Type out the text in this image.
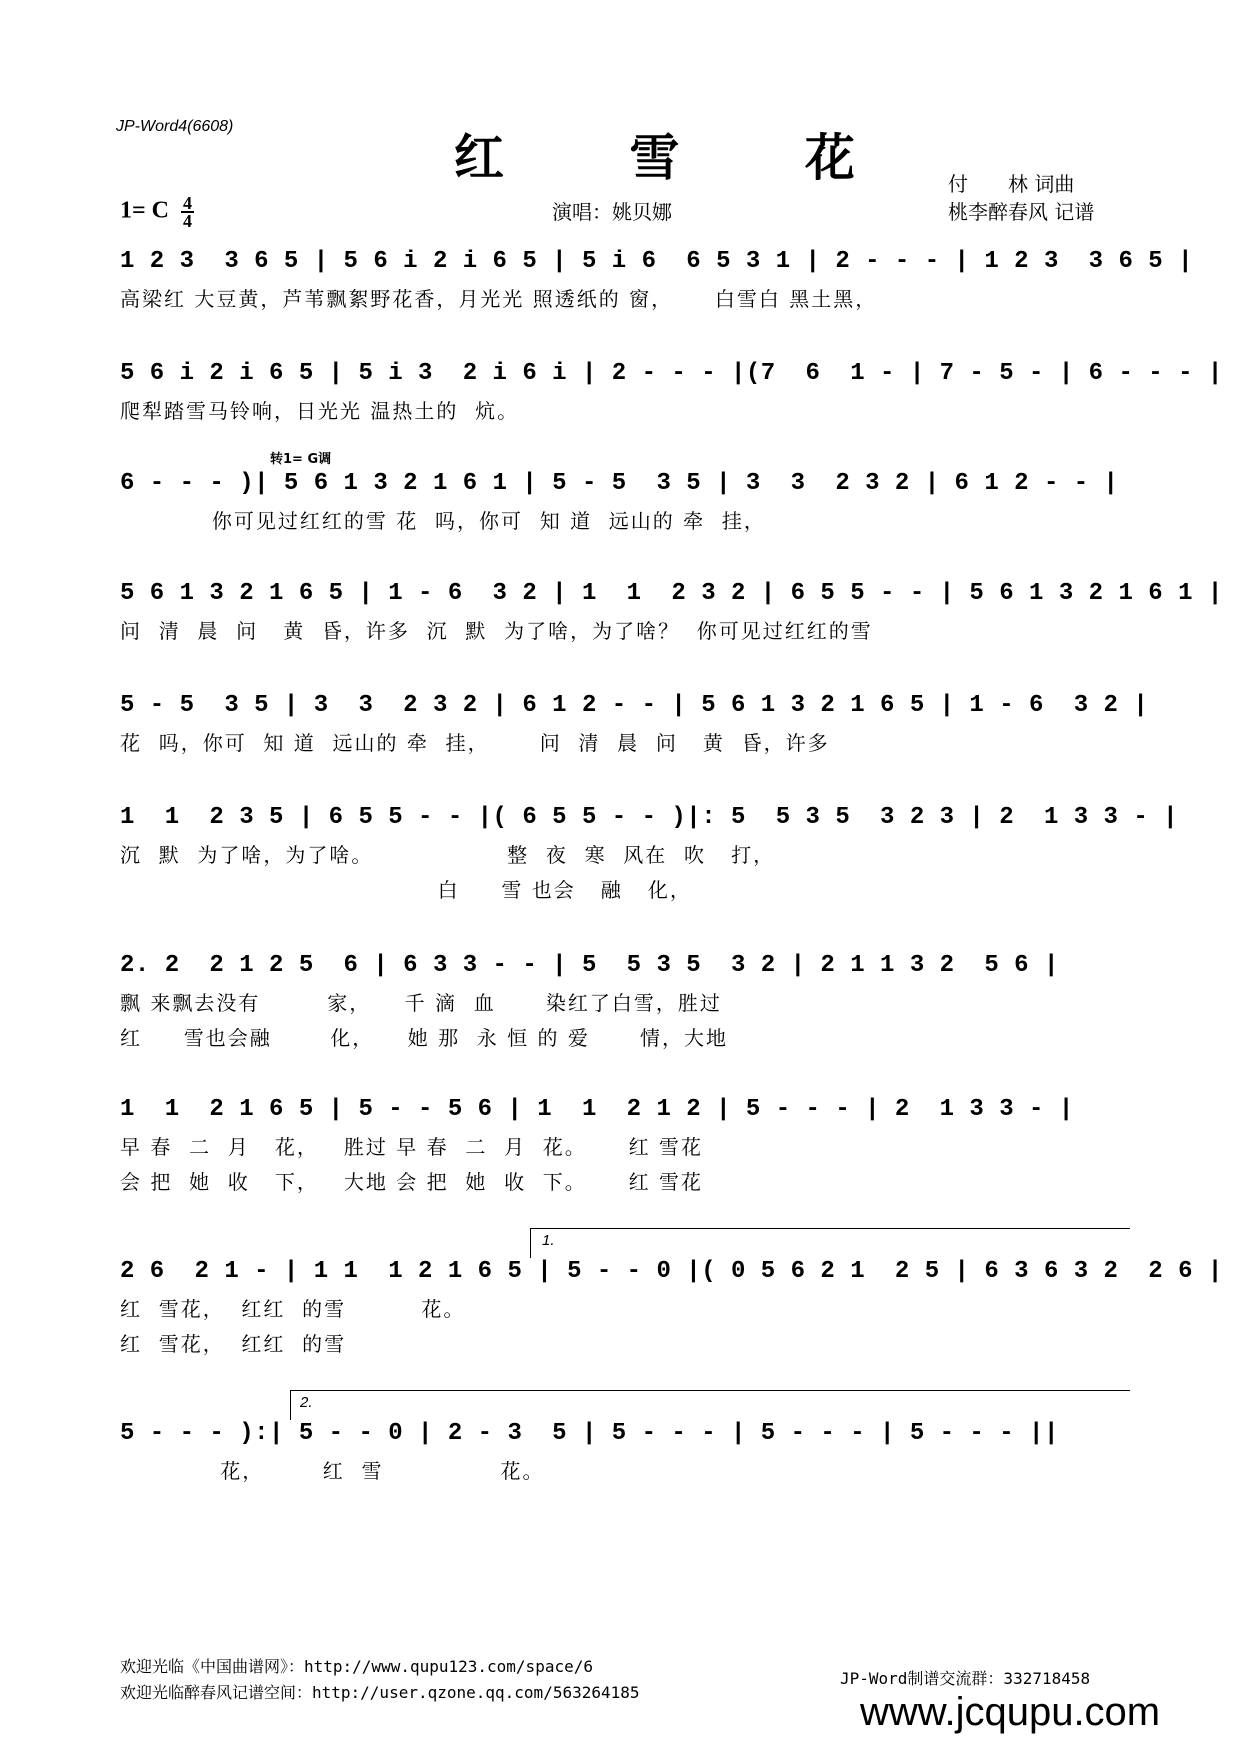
JP-Word4(6608)
红 雪 花 付　　林 词曲
桃李醉春风 记谱
演唱：姚贝娜
1= C $\frac{4}{4}$
1 2 3  3 6 5 | 5 6 i 2 i 6 5 | 5 i 6  6 5 3 1 | 2 - - - | 1 2 3  3 6 5 |
高梁红 大豆黄，芦苇飘絮野花香，月光光 照透纸的 窗，     白雪白 黑土黑，
5 6 i 2 i 6 5 | 5 i 3  2 i 6 i | 2 - - - |(7  6  1 - | 7 - 5 - | 6 - - - |
爬犁踏雪马铃响，日光光 温热土的  炕。
转1= G调
6 - - - )| 5 6 1 3 2 1 6 1 | 5 - 5  3 5 | 3  3  2 3 2 | 6 1 2 - - |
你可见过红红的雪 花  吗，你可  知 道  远山的 牵  挂，
5 6 1 3 2 1 6 5 | 1 - 6  3 2 | 1  1  2 3 2 | 6 5 5 - - | 5 6 1 3 2 1 6 1 |
问  清  晨  问   黄  昏，许多  沉  默  为了啥，为了啥？  你可见过红红的雪
5 - 5  3 5 | 3  3  2 3 2 | 6 1 2 - - | 5 6 1 3 2 1 6 5 | 1 - 6  3 2 |
花  吗，你可  知 道  远山的 牵  挂，      问  清  晨  问   黄  昏，许多
1  1  2 3 5 | 6 5 5 - - |( 6 5 5 - - )|: 5  5 3 5  3 2 3 | 2  1 3 3 - |
沉  默  为了啥，为了啥。                整  夜  寒  风在  吹   打，
白     雪 也会   融   化，
2. 2  2 1 2 5  6 | 6 3 3 - - | 5  5 3 5  3 2 | 2 1 1 3 2  5 6 |
飘 来飘去没有        家，    千 滴  血      染红了白雪，胜过
红     雪也会融       化，    她 那  永 恒 的 爱      情，大地
1  1  2 1 6 5 | 5 - - 5 6 | 1  1  2 1 2 | 5 - - - | 2  1 3 3 - |
早 春  二  月   花，   胜过 早 春  二  月  花。     红 雪花
会 把  她  收   下，   大地 会 把  她  收  下。     红 雪花
1.
2 6  2 1 - | 1 1  1 2 1 6 5 | 5 - - 0 |( 0 5 6 2 1  2 5 | 6 3 6 3 2  2 6 |
红  雪花，  红红  的雪         花。
红  雪花，  红红  的雪
2.
5 - - - ):| 5 - - 0 | 2 - 3  5 | 5 - - - | 5 - - - | 5 - - - ||
花，       红  雪              花。
欢迎光临《中国曲谱网》：http://www.qupu123.com/space/6
欢迎光临醉春风记谱空间：http://user.qzone.qq.com/563264185
JP-Word制谱交流群：332718458
www.jcqupu.com
